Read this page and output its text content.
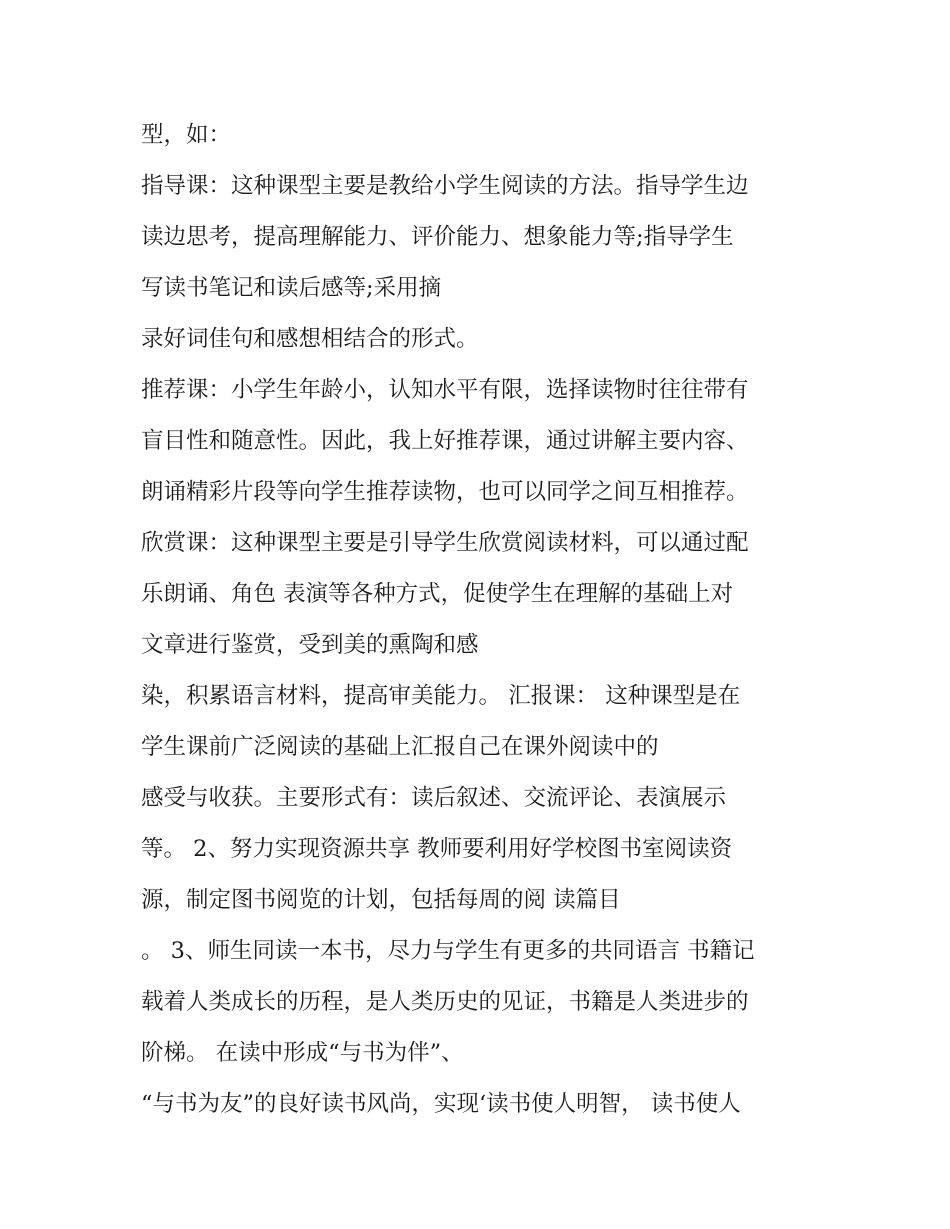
型，如：
指导课：这种课型主要是教给小学生阅读的方法。指导学生边
读边思考，提高理解能力、评价能力、想象能力等;指导学生
写读书笔记和读后感等;采用摘
录好词佳句和感想相结合的形式。
推荐课：小学生年龄小，认知水平有限，选择读物时往往带有
盲目性和随意性。因此，我上好推荐课，通过讲解主要内容、
朗诵精彩片段等向学生推荐读物，也可以同学之间互相推荐。
欣赏课：这种课型主要是引导学生欣赏阅读材料，可以通过配
乐朗诵、角色 表演等各种方式，促使学生在理解的基础上对
文章进行鉴赏，受到美的熏陶和感
染，积累语言材料，提高审美能力。 汇报课： 这种课型是在
学生课前广泛阅读的基础上汇报自己在课外阅读中的
感受与收获。主要形式有：读后叙述、交流评论、表演展示
等。 2、努力实现资源共享 教师要利用好学校图书室阅读资
源，制定图书阅览的计划，包括每周的阅 读篇目
。 3、师生同读一本书，尽力与学生有更多的共同语言 书籍记
载着人类成长的历程，是人类历史的见证，书籍是人类进步的
阶梯。 在读中形成“与书为伴”、
“与书为友”的良好读书风尚，实现‘读书使人明智， 读书使人
